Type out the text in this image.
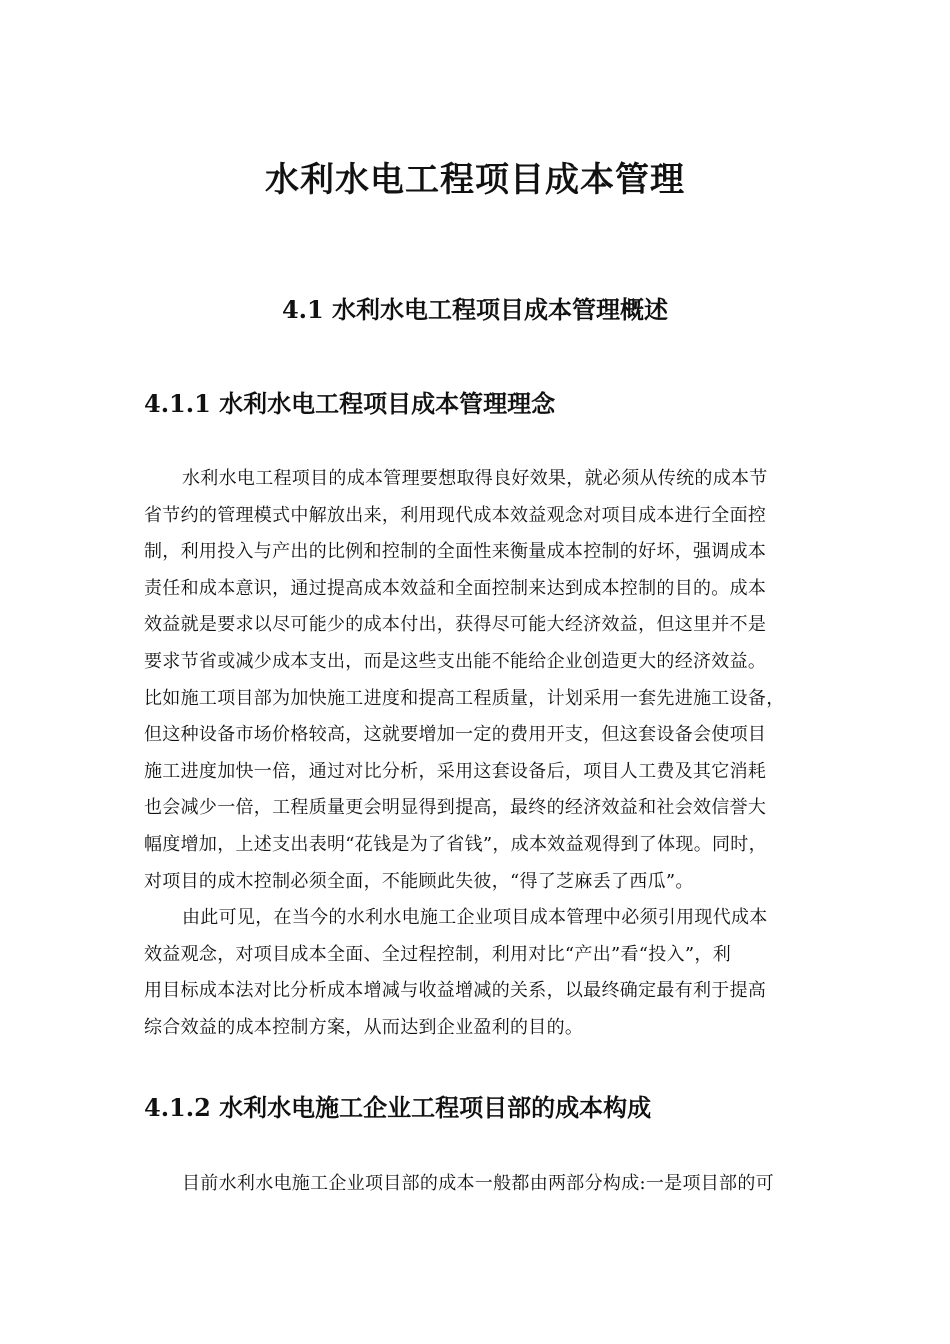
水利水电工程项目成本管理
4.1 水利水电工程项目成本管理概述
4.1.1 水利水电工程项目成本管理理念
水利水电工程项目的成本管理要想取得良好效果，就必须从传统的成本节
省节约的管理模式中解放出来，利用现代成本效益观念对项目成本进行全面控
制，利用投入与产出的比例和控制的全面性来衡量成本控制的好坏，强调成本
责任和成本意识，通过提高成本效益和全面控制来达到成本控制的目的。成本
效益就是要求以尽可能少的成本付出，获得尽可能大经济效益，但这里并不是
要求节省或减少成本支出，而是这些支出能不能给企业创造更大的经济效益。
比如施工项目部为加快施工进度和提高工程质量，计划采用一套先进施工设备，
但这种设备市场价格较高，这就要增加一定的费用开支，但这套设备会使项目
施工进度加快一倍，通过对比分析，采用这套设备后，项目人工费及其它消耗
也会减少一倍，工程质量更会明显得到提高，最终的经济效益和社会效信誉大
幅度增加，上述支出表明“花钱是为了省钱”，成本效益观得到了体现。同时，
对项目的成木控制必须全面，不能顾此失彼，“得了芝麻丢了西瓜”。
由此可见，在当今的水利水电施工企业项目成本管理中必须引用现代成本
效益观念，对项目成本全面、全过程控制，利用对比“产出”看“投入”，利
用目标成本法对比分析成本增减与收益增减的关系，以最终确定最有利于提高
综合效益的成本控制方案，从而达到企业盈利的目的。
4.1.2 水利水电施工企业工程项目部的成本构成
目前水利水电施工企业项目部的成本一般都由两部分构成:一是项目部的可
